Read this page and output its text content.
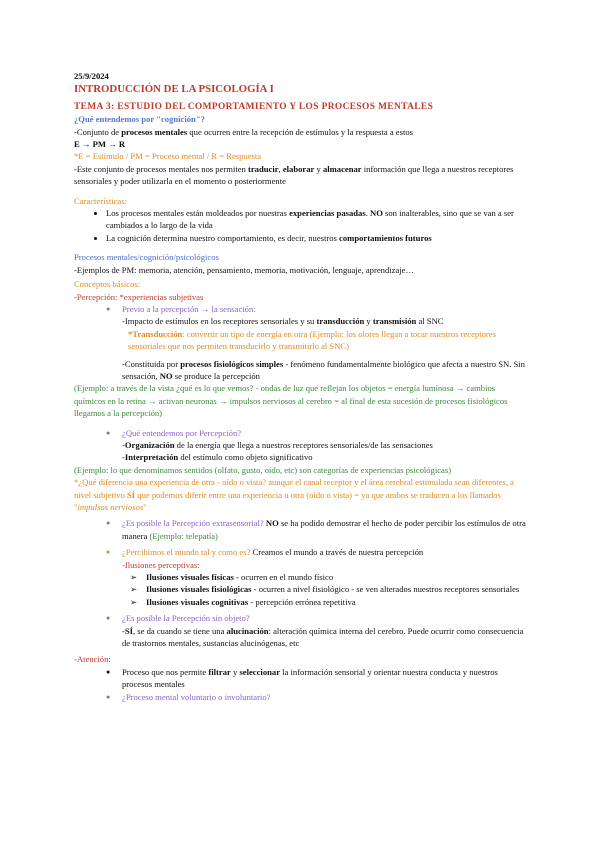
25/9/2024
INTRODUCCIÓN DE LA PSICOLOGÍA I
TEMA 3: ESTUDIO DEL COMPORTAMIENTO Y LOS PROCESOS MENTALES
¿Qué entendemos por "cognición"?
-Conjunto de procesos mentales que ocurren entre la recepción de estímulos y la respuesta a estos
E → PM → R
*E = Estímulo / PM = Proceso mental / R = Respuesta
-Este conjunto de procesos mentales nos permiten traducir, elaborar y almacenar información que llega a nuestros receptores sensoriales y poder utilizarla en el momento o posteriormente
Características:
• Los procesos mentales están moldeados por nuestras experiencias pasadas. NO son inalterables, sino que se van a ser cambiados a lo largo de la vida
• La cognición determina nuestro comportamiento, es decir, nuestros comportamientos futuros
Procesos mentales/cognición/psicológicos
-Ejemplos de PM: memoria, atención, pensamiento, memoria, motivación, lenguaje, aprendizaje…
Conceptos básicos:
-Percepción: *experiencias subjetivas
● Previo a la percepción → la sensación:
-Impacto de estímulos en los receptores sensoriales y su transducción y transmisión al SNC
*Transducción: convertir un tipo de energía en otra (Ejemplo: los olores llegan a tocar nuestros receptores sensoriales que nos permiten transducirlo y transmitirlo al SNC)
-Constituida por procesos fisiológicos simples - fenómeno fundamentalmente biológico que afecta a nuestro SN. Sin sensación, NO se produce la percepción
(Ejemplo: a través de la vista ¿qué es lo que vemos? - ondas de luz que reflejan los objetos = energía lumínosa → cambios químicos en la retina → activan neuronas → impulsos nerviosos al cerebro = al final de esta sucesión de procesos fisiológicos llegamos a la percepción)
● ¿Qué entendemos por Percepción?
-Organización de la energía que llega a nuestros receptores sensoriales/de las sensaciones
-Interpretación del estímulo como objeto significativo
(Ejemplo: lo que denominamos sentidos (olfato, gusto, oído, etc) son categorías de experiencias psicológicas)
*¿Qué diferencia una experiencia de otra - oído o vista? aunque el canal receptor y el área cerebral estimulada sean diferentes, a nivel subjetivo SÍ que podemos diferir entre una experiencia u otra (oído o vista) = ya que ambos se traducen a los llamados "impulsos nerviosos"
● ¿Es posible la Percepción extrasensorial? NO se ha podido demostrar el hecho de poder percibir los estímulos de otra manera (Ejemplo: telepatía)
● ¿Percibimos el mundo tal y como es? Creamos el mundo a través de nuestra percepción
-Ilusiones perceptivas:
➢ Ilusiones visuales físicas - ocurren en el mundo físico
➢ Ilusiones visuales fisiológicas - ocurren a nivel fisiológico - se ven alterados nuestros receptores sensoriales
➢ Ilusiones visuales cognitivas - percepción errónea repetitiva
● ¿Es posible la Percepción sin objeto?
-SÍ, se da cuando se tiene una alucinación: alteración química interna del cerebro. Puede ocurrir como consecuencia de trastornos mentales, sustancias alucinógenas, etc
-Atención:
● Proceso que nos permite filtrar y seleccionar la información sensorial y orientar nuestra conducta y nuestros procesos mentales
● ¿Proceso mental voluntario o involuntario?
